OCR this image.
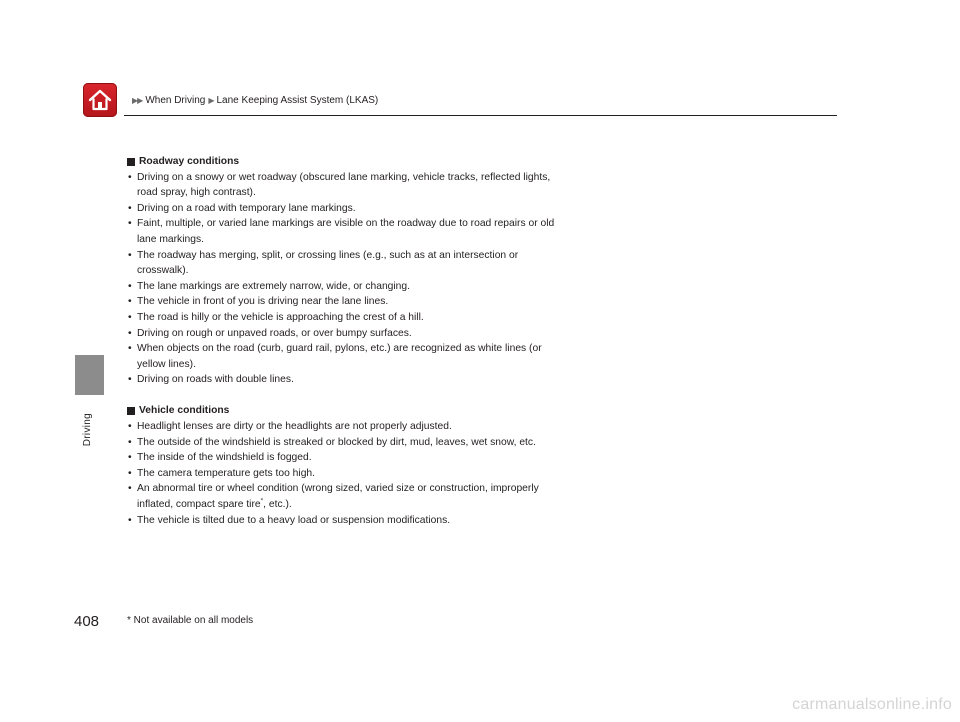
▶▶ When Driving ▶ Lane Keeping Assist System (LKAS)
Driving
Roadway conditions
• Driving on a snowy or wet roadway (obscured lane marking, vehicle tracks, reflected lights, road spray, high contrast).
• Driving on a road with temporary lane markings.
• Faint, multiple, or varied lane markings are visible on the roadway due to road repairs or old lane markings.
• The roadway has merging, split, or crossing lines (e.g., such as at an intersection or crosswalk).
• The lane markings are extremely narrow, wide, or changing.
• The vehicle in front of you is driving near the lane lines.
• The road is hilly or the vehicle is approaching the crest of a hill.
• Driving on rough or unpaved roads, or over bumpy surfaces.
• When objects on the road (curb, guard rail, pylons, etc.) are recognized as white lines (or yellow lines).
• Driving on roads with double lines.
Vehicle conditions
• Headlight lenses are dirty or the headlights are not properly adjusted.
• The outside of the windshield is streaked or blocked by dirt, mud, leaves, wet snow, etc.
• The inside of the windshield is fogged.
• The camera temperature gets too high.
• An abnormal tire or wheel condition (wrong sized, varied size or construction, improperly inflated, compact spare tire*, etc.).
• The vehicle is tilted due to a heavy load or suspension modifications.
408	* Not available on all models
carmanualsonline.info
